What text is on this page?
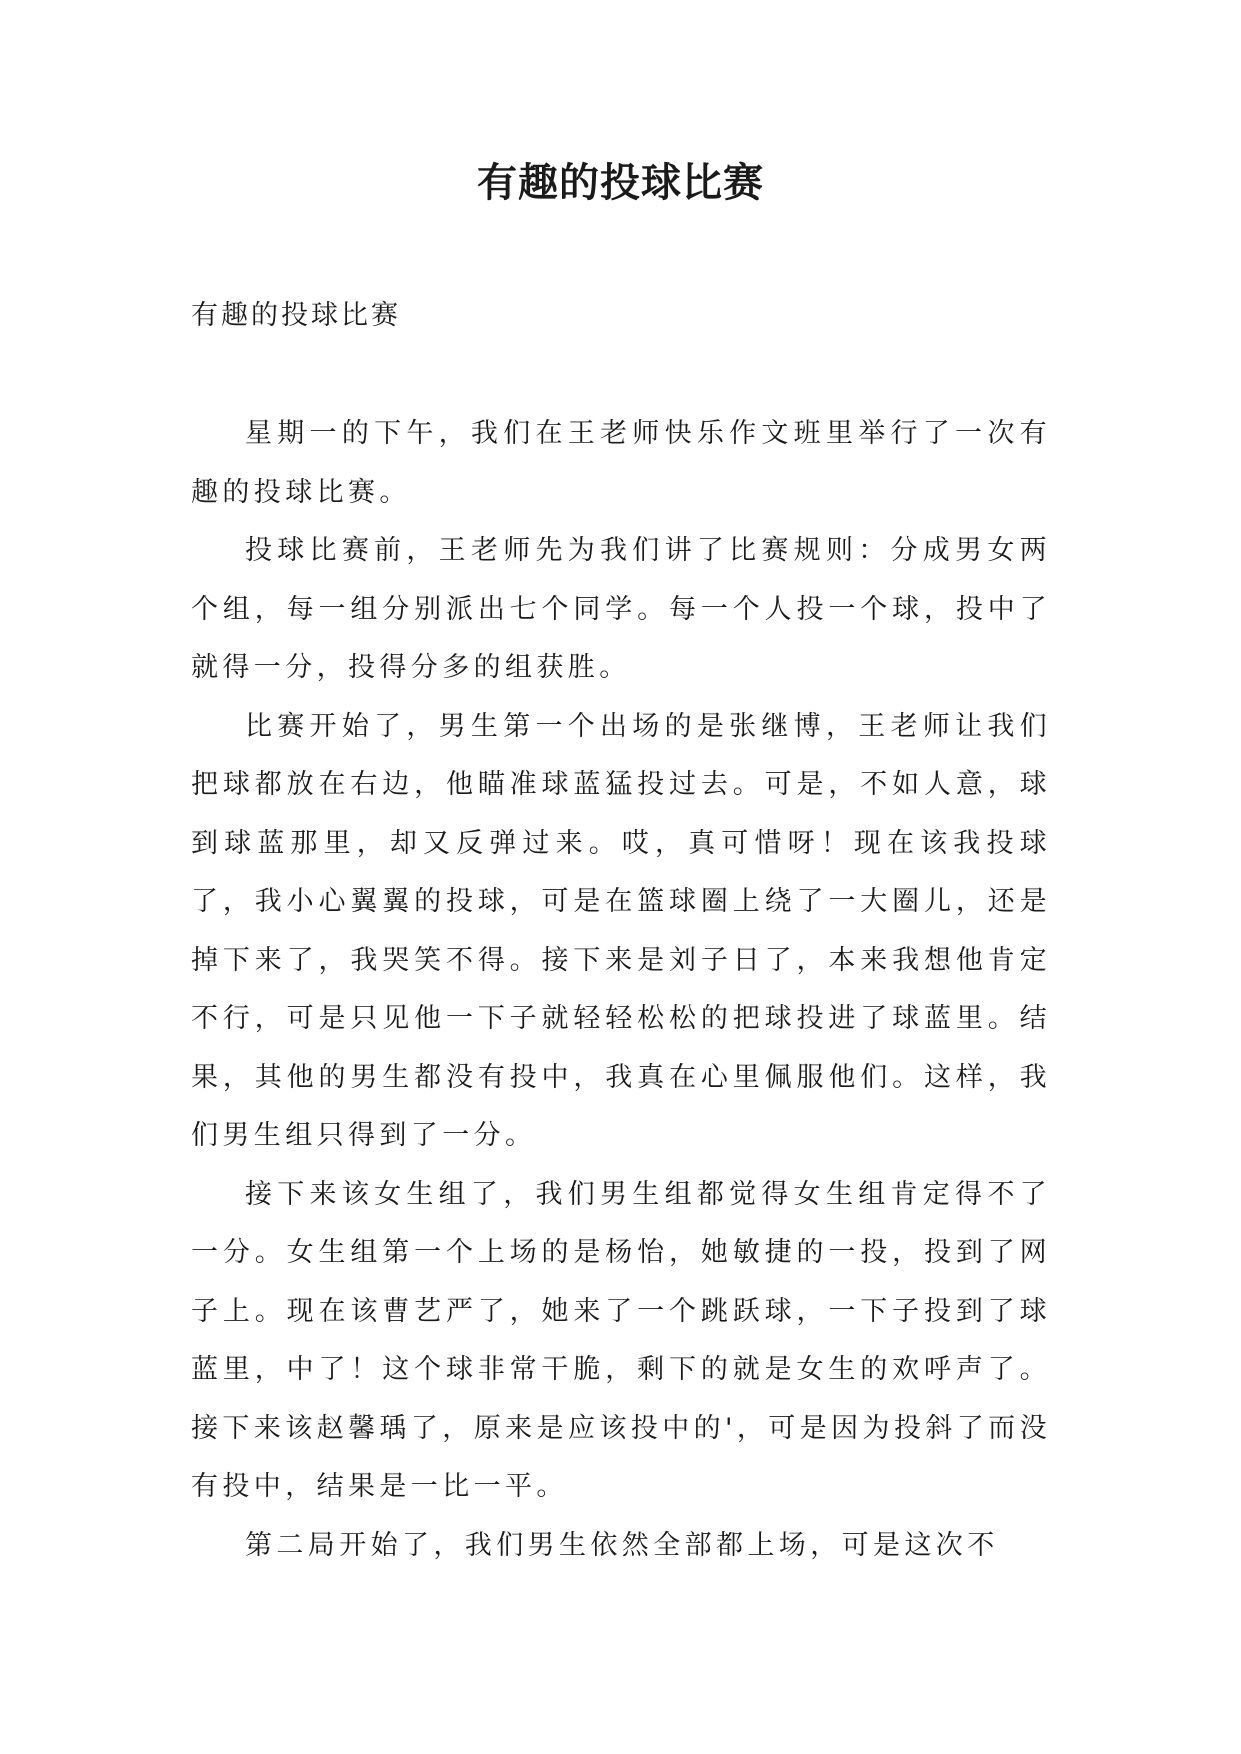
有趣的投球比赛
有趣的投球比赛

星期一的下午，我们在王老师快乐作文班里举行了一次有趣的投球比赛。

投球比赛前，王老师先为我们讲了比赛规则：分成男女两个组，每一组分别派出七个同学。每一个人投一个球，投中了就得一分，投得分多的组获胜。

比赛开始了，男生第一个出场的是张继博，王老师让我们把球都放在右边，他瞄准球蓝猛投过去。可是，不如人意，球到球蓝那里，却又反弹过来。哎，真可惜呀！现在该我投球了，我小心翼翼的投球，可是在篮球圈上绕了一大圈儿，还是掉下来了，我哭笑不得。接下来是刘子日了，本来我想他肯定不行，可是只见他一下子就轻轻松松的把球投进了球蓝里。结果，其他的男生都没有投中，我真在心里佩服他们。这样，我们男生组只得到了一分。

接下来该女生组了，我们男生组都觉得女生组肯定得不了一分。女生组第一个上场的是杨怡，她敏捷的一投，投到了网子上。现在该曹艺严了，她来了一个跳跃球，一下子投到了球蓝里，中了！这个球非常干脆，剩下的就是女生的欢呼声了。接下来该赵馨瑀了，原来是应该投中的'，可是因为投斜了而没有投中，结果是一比一平。

第二局开始了，我们男生依然全部都上场，可是这次不
